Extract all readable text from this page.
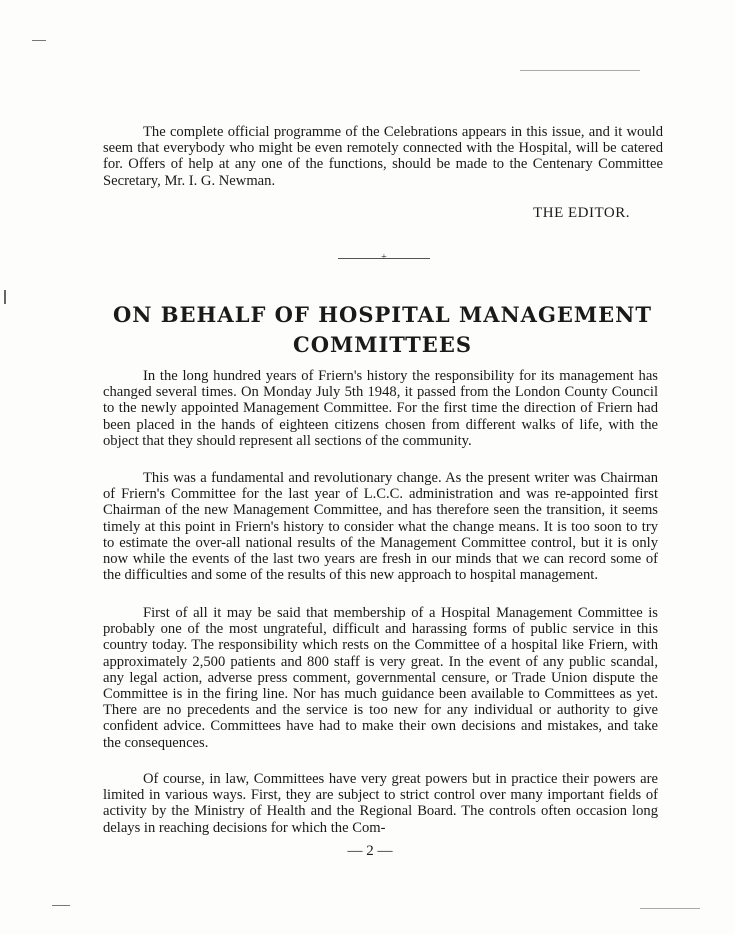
The complete official programme of the Celebrations appears in this issue, and it would seem that everybody who might be even remotely connected with the Hospital, will be catered for. Offers of help at any one of the functions, should be made to the Centenary Committee Secretary, Mr. I. G. Newman.

THE EDITOR.
+
ON BEHALF OF HOSPITAL MANAGEMENT COMMITTEES

In the long hundred years of Friern's history the responsibility for its management has changed several times. On Monday July 5th 1948, it passed from the London County Council to the newly appointed Management Committee. For the first time the direction of Friern had been placed in the hands of eighteen citizens chosen from different walks of life, with the object that they should represent all sections of the community.

This was a fundamental and revolutionary change. As the present writer was Chairman of Friern's Committee for the last year of L.C.C. administration and was re-appointed first Chairman of the new Management Committee, and has therefore seen the transition, it seems timely at this point in Friern's history to consider what the change means. It is too soon to try to estimate the over-all national results of the Management Committee control, but it is only now while the events of the last two years are fresh in our minds that we can record some of the difficulties and some of the results of this new approach to hospital management.

First of all it may be said that membership of a Hospital Management Committee is probably one of the most ungrateful, difficult and harassing forms of public service in this country today. The responsibility which rests on the Committee of a hospital like Friern, with approximately 2,500 patients and 800 staff is very great. In the event of any public scandal, any legal action, adverse press comment, governmental censure, or Trade Union dispute the Committee is in the firing line. Nor has much guidance been available to Committees as yet. There are no precedents and the service is too new for any individual or authority to give confident advice. Committees have had to make their own decisions and mistakes, and take the consequences.

Of course, in law, Committees have very great powers but in practice their powers are limited in various ways. First, they are subject to strict control over many important fields of activity by the Ministry of Health and the Regional Board. The controls often occasion long delays in reaching decisions for which the Com-

— 2 —
